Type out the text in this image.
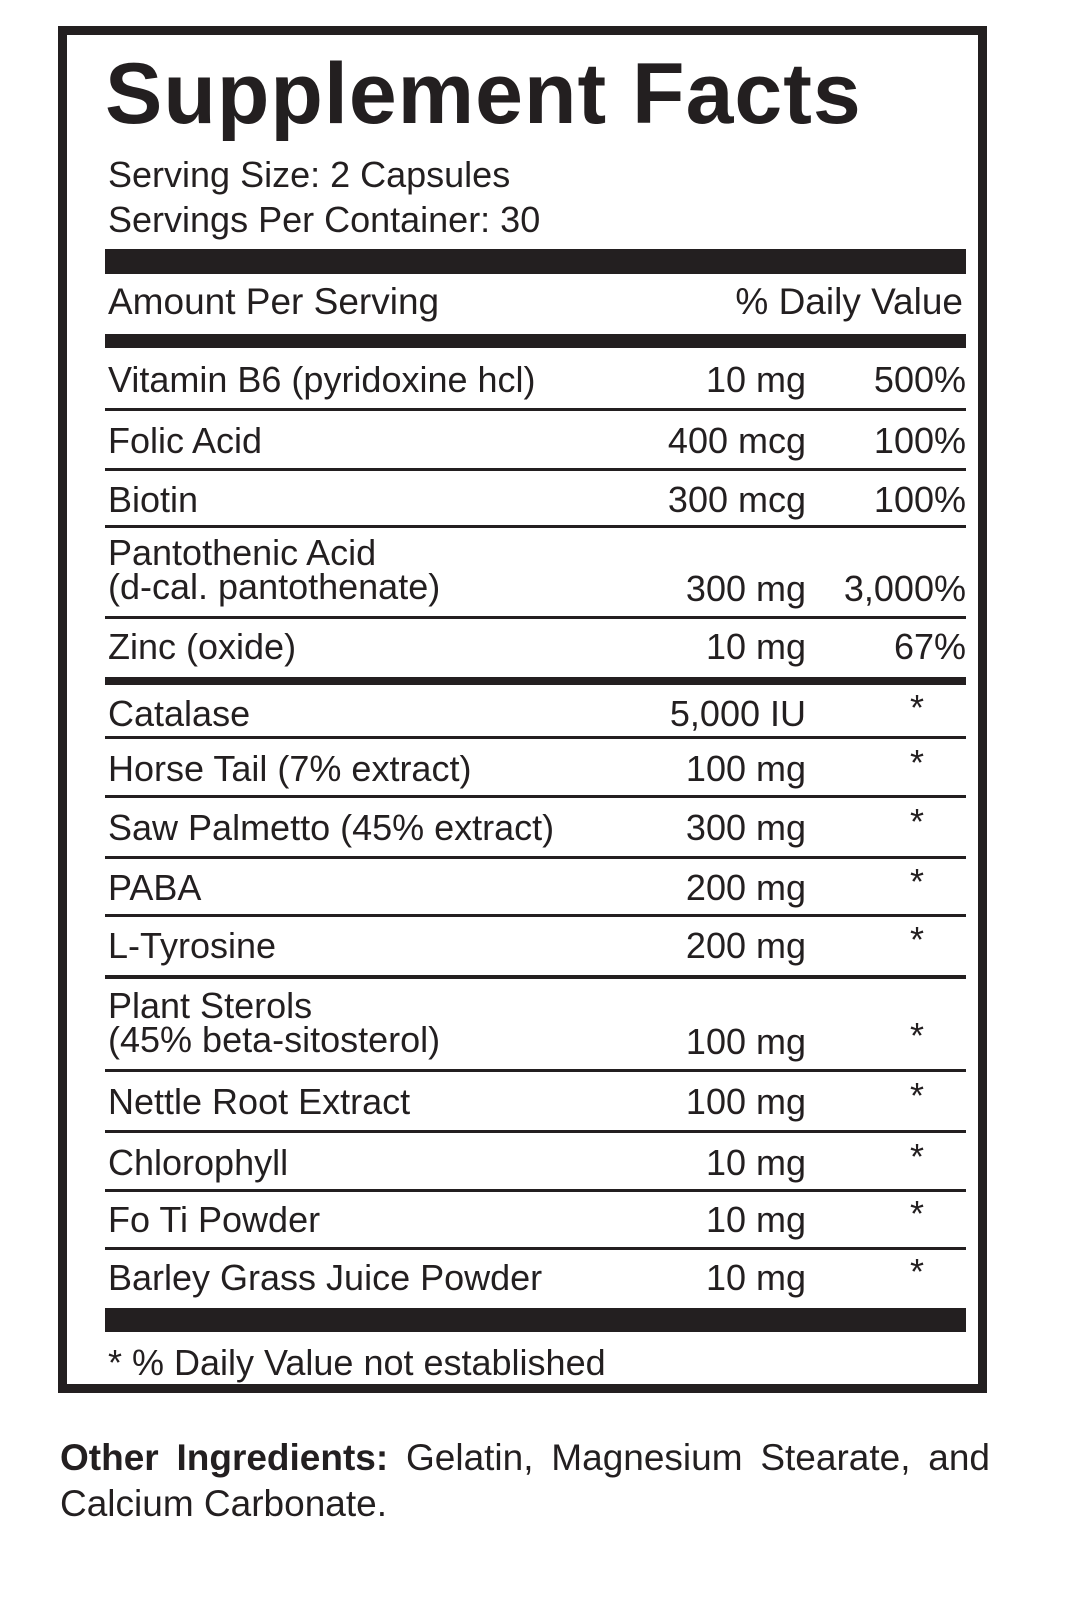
Supplement Facts
Serving Size: 2 Capsules
Servings Per Container: 30
Amount Per Serving	% Daily Value
Vitamin B6 (pyridoxine hcl)	10 mg 500%
Folic Acid	400 mcg 100%
Biotin	300 mcg 100%
Pantothenic Acid
(d-cal. pantothenate)	300 mg 3,000%
Zinc (oxide)	10 mg 67%
Catalase	5,000 IU	*
Horse Tail (7% extract)	100 mg	*
Saw Palmetto (45% extract)	300 mg	*
PABA	200 mg	*
L-Tyrosine	200 mg	*
Plant Sterols
(45% beta-sitosterol)	100 mg	*
Nettle Root Extract	100 mg	*
Chlorophyll	10 mg	*
Fo Ti Powder	10 mg	*
Barley Grass Juice Powder	10 mg	*
* % Daily Value not established
Other Ingredients: Gelatin, Magnesium Stearate, and Calcium Carbonate.
